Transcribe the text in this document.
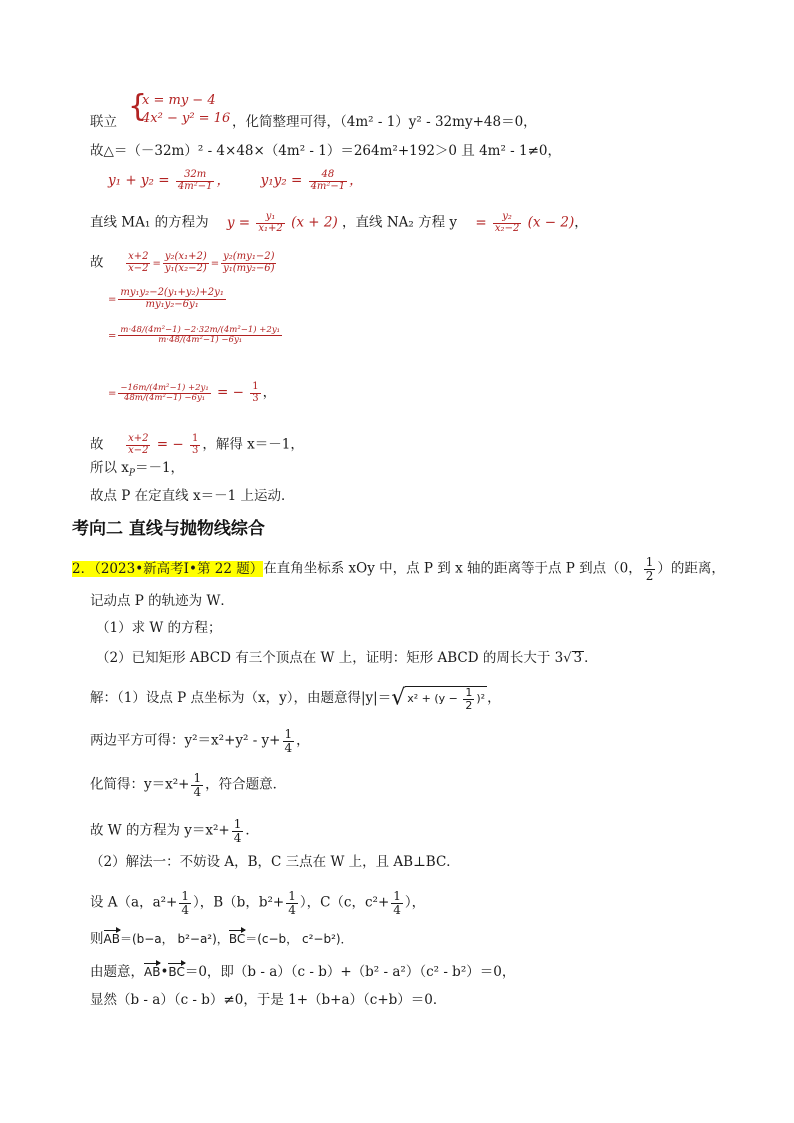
联立 {
x = my − 4
4x² − y² = 16 ，化简整理可得，（4m² - 1）y² - 32my+48＝0，
故△＝（－32m）² - 4×48×（4m² - 1）＝264m²+192＞0 且 4m² - 1≠0，
$y_1 + y_2 = \frac{32m}{\text{4m²−1}}$ ， $y_1y_2 = \frac{48}{\text{4m²−1}}$ ，
直线 MA₁ 的方程为 $y = \frac{\text{y₁}}{\text{x₁+2}} (x + 2)$ ，直线 NA₂ 方程 $y = \frac{\text{y₂}}{\text{x₂−2}} (x - 2)$，
故 $\frac{x+2}{x-2} = \frac{\text{y₂(x₁+2)}}{\text{y₁(x₂−2)}} = \frac{\text{y₂(my₁−2)}}{\text{y₁(my₂−6)}}$
= $\frac{\text{my₁y₂−2(y₁+y₂)+2y₁}}{\text{my₁y₂−6y₁}}$
= $\frac{\text{m·48/(4m²−1) −2·32m/(4m²−1) +2y₁}}{\text{m·48/(4m²−1) −6y₁}}$
= $\frac{\text{−16m/(4m²−1) +2y₁}}{\text{48m/(4m²−1) −6y₁}}$ = − $\frac{1}{3}$ ，
故 $\frac{x+2}{x-2}$ = − $\frac{1}{3}$ ，解得 x＝－1，
所以 $x_P=-1$，
故点 P 在定直线 x＝－1 上运动．
考向二 直线与抛物线综合
2．（2023•新高考Ⅰ•第 22 题）在直角坐标系 xOy 中，点 P 到 x 轴的距离等于点 P 到点（0， $\frac{1}{2}$ ）的距离，
记动点 P 的轨迹为 W．
（1）求 W 的方程；
（2）已知矩形 ABCD 有三个顶点在 W 上，证明：矩形 ABCD 的周长大于 3√ 3 ．
解：（1）设点 P 点坐标为（x，y），由题意得|y|＝√ $x^2 + (y - \frac{1}{2} )^2$ ，
两边平方可得：$y^2=x^2+y^2 - y+ \frac{1}{4}$ ，
化简得：$y=x^2+ \frac{1}{4}$ ，符合题意．
故 W 的方程为 $y=x^2+ \frac{1}{4}$ ．
（2）解法一：不妨设 A，B，C 三点在 W 上，且 AB⊥BC．
设 A（a，$a^2+ \frac{1}{4}$ ），B（b，$b^2+ \frac{1}{4}$ ），C（c，$c^2+ \frac{1}{4}$ ），
则AB＝(b−a， b²−a²)，BC＝(c−b， c²−b²)．
由题意，AB•BC＝0，即（b - a）（c - b）+（b² - a²）（c² - b²）＝0，
显然（b - a）（c - b）≠0，于是 1+（b+a）（c+b）＝0．
